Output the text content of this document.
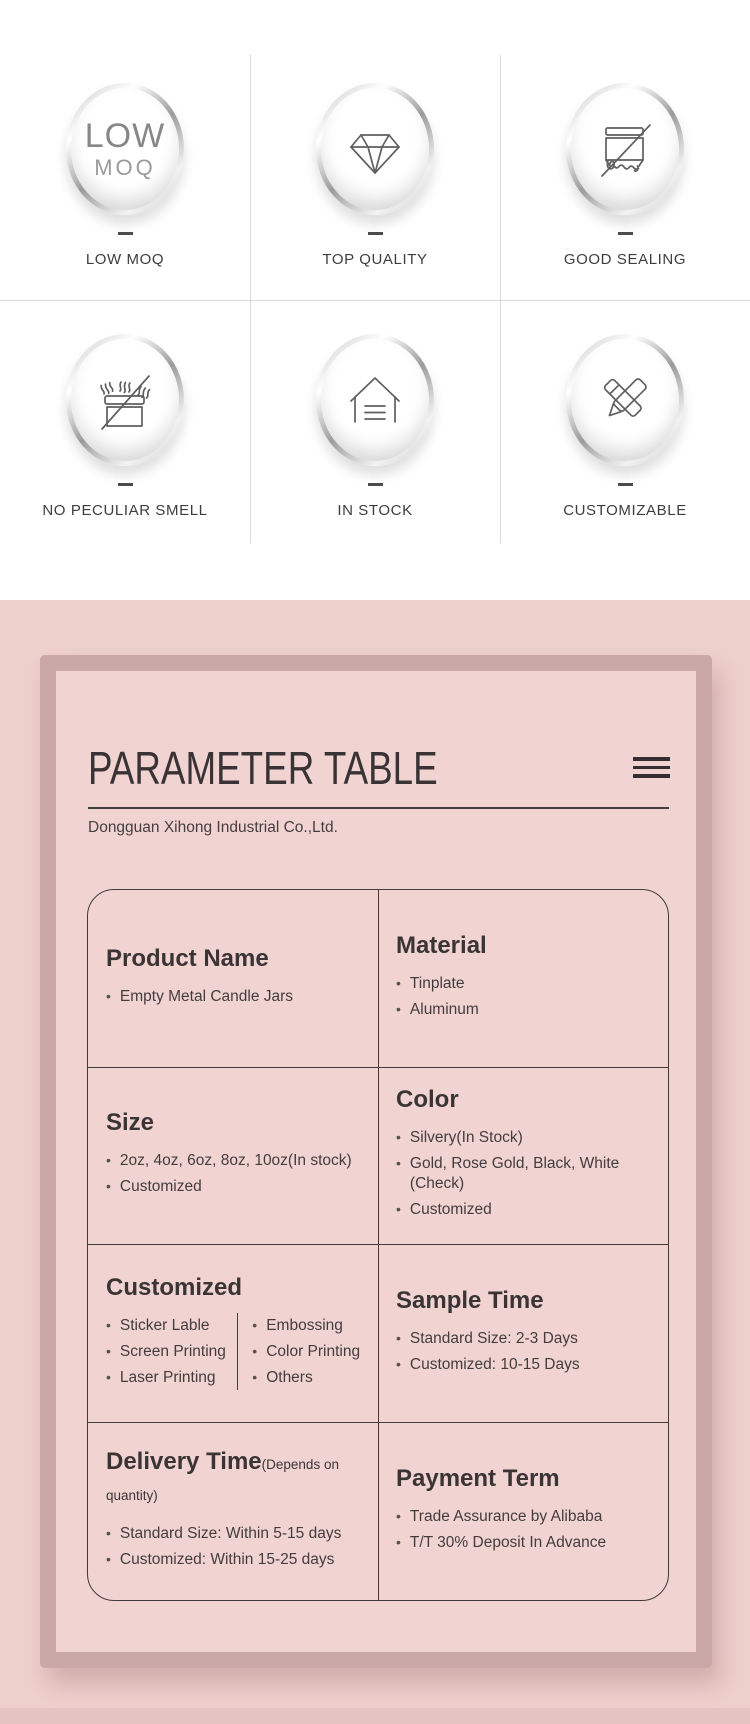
LOW
MOQ
LOW MOQ	TOP QUALITY	GOOD SEALING
NO PECULIAR SMELL	IN STOCK	CUSTOMIZABLE
PARAMETER TABLE
Dongguan Xihong Industrial Co.,Ltd.
Product Name
• Empty Metal Candle Jars
Material
• Tinplate
• Aluminum
Size
• 2oz, 4oz, 6oz, 8oz, 10oz(In stock)
• Customized
Color
• Silvery(In Stock)
• Gold, Rose Gold, Black, White (Check)
• Customized
Customized
• Sticker Lable
• Screen Printing
• Laser Printing
• Embossing
• Color Printing
• Others
Sample Time
• Standard Size: 2-3 Days
• Customized: 10-15 Days
Delivery Time(Depends on quantity)
• Standard Size: Within 5-15 days
• Customized: Within 15-25 days
Payment Term
• Trade Assurance by Alibaba
• T/T 30% Deposit In Advance
